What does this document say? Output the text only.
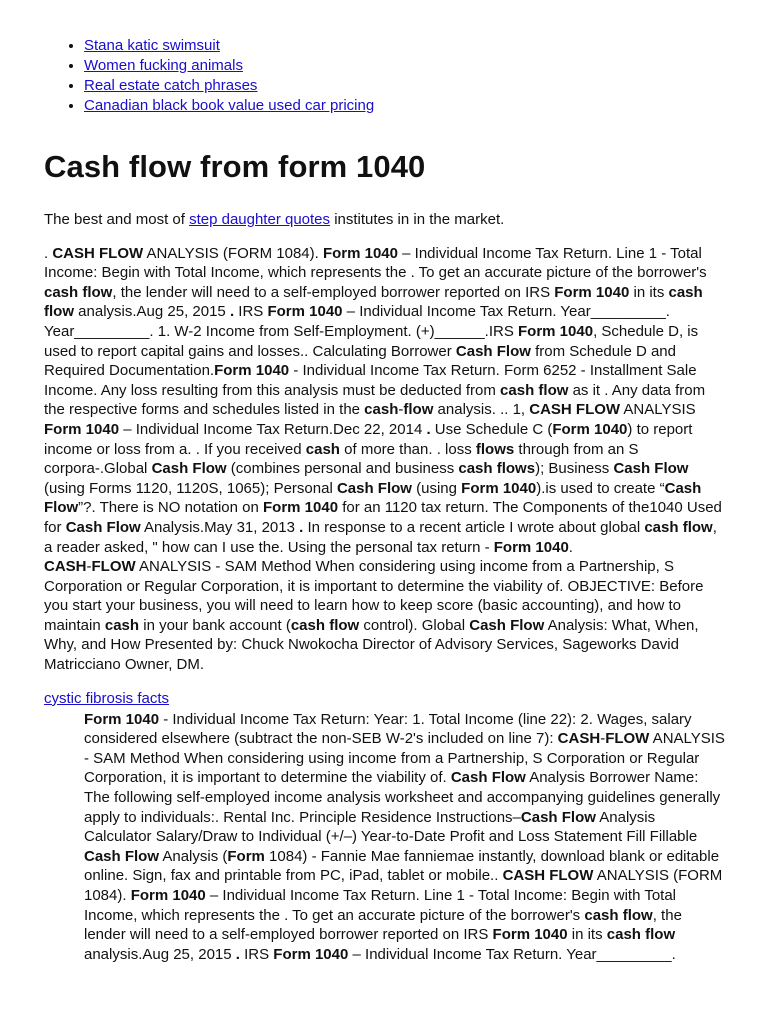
• Stana katic swimsuit
• Women fucking animals
• Real estate catch phrases
• Canadian black book value used car pricing
Cash flow from form 1040

The best and most of step daughter quotes institutes in in the market.

. CASH FLOW ANALYSIS (FORM 1084). Form 1040 – Individual Income Tax Return. Line 1 - Total Income: Begin with Total Income, which represents the . To get an accurate picture of the borrower's cash flow, the lender will need to a self-employed borrower reported on IRS Form 1040 in its cash flow analysis.Aug 25, 2015 . IRS Form 1040 – Individual Income Tax Return. Year_________. Year_________. 1. W-2 Income from Self-Employment. (+)______.IRS Form 1040, Schedule D, is used to report capital gains and losses.. Calculating Borrower Cash Flow from Schedule D and Required Documentation.Form 1040 - Individual Income Tax Return. Form 6252 - Installment Sale Income. Any loss resulting from this analysis must be deducted from cash flow as it . Any data from the respective forms and schedules listed in the cash-flow analysis. .. 1, CASH FLOW ANALYSIS Form 1040 – Individual Income Tax Return.Dec 22, 2014 . Use Schedule C (Form 1040) to report income or loss from a. . If you received cash of more than. . loss flows through from an S corpora-.Global Cash Flow (combines personal and business cash flows); Business Cash Flow (using Forms 1120, 1120S, 1065); Personal Cash Flow (using Form 1040).is used to create “Cash Flow”?. There is NO notation on Form 1040 for an 1120 tax return. The Components of the1040 Used for Cash Flow Analysis.May 31, 2013 . In response to a recent article I wrote about global cash flow, a reader asked, " how can I use the. Using the personal tax return - Form 1040.

CASH-FLOW ANALYSIS - SAM Method When considering using income from a Partnership, S Corporation or Regular Corporation, it is important to determine the viability of. OBJECTIVE: Before you start your business, you will need to learn how to keep score (basic accounting), and how to maintain cash in your bank account (cash flow control). Global Cash Flow Analysis: What, When, Why, and How Presented by: Chuck Nwokocha Director of Advisory Services, Sageworks David Matricciano Owner, DM.

cystic fibrosis facts

Form 1040 - Individual Income Tax Return: Year: 1. Total Income (line 22): 2. Wages, salary considered elsewhere (subtract the non-SEB W-2's included on line 7): CASH-FLOW ANALYSIS - SAM Method When considering using income from a Partnership, S Corporation or Regular Corporation, it is important to determine the viability of. Cash Flow Analysis Borrower Name: The following self-employed income analysis worksheet and accompanying guidelines generally apply to individuals:. Rental Inc. Principle Residence Instructions–Cash Flow Analysis Calculator Salary/Draw to Individual (+/–) Year-to-Date Profit and Loss Statement Fill Fillable Cash Flow Analysis (Form 1084) - Fannie Mae fanniemae instantly, download blank or editable online. Sign, fax and printable from PC, iPad, tablet or mobile.. CASH FLOW ANALYSIS (FORM 1084). Form 1040 – Individual Income Tax Return. Line 1 - Total Income: Begin with Total Income, which represents the . To get an accurate picture of the borrower's cash flow, the lender will need to a self-employed borrower reported on IRS Form 1040 in its cash flow analysis.Aug 25, 2015 . IRS Form 1040 – Individual Income Tax Return. Year_________.
